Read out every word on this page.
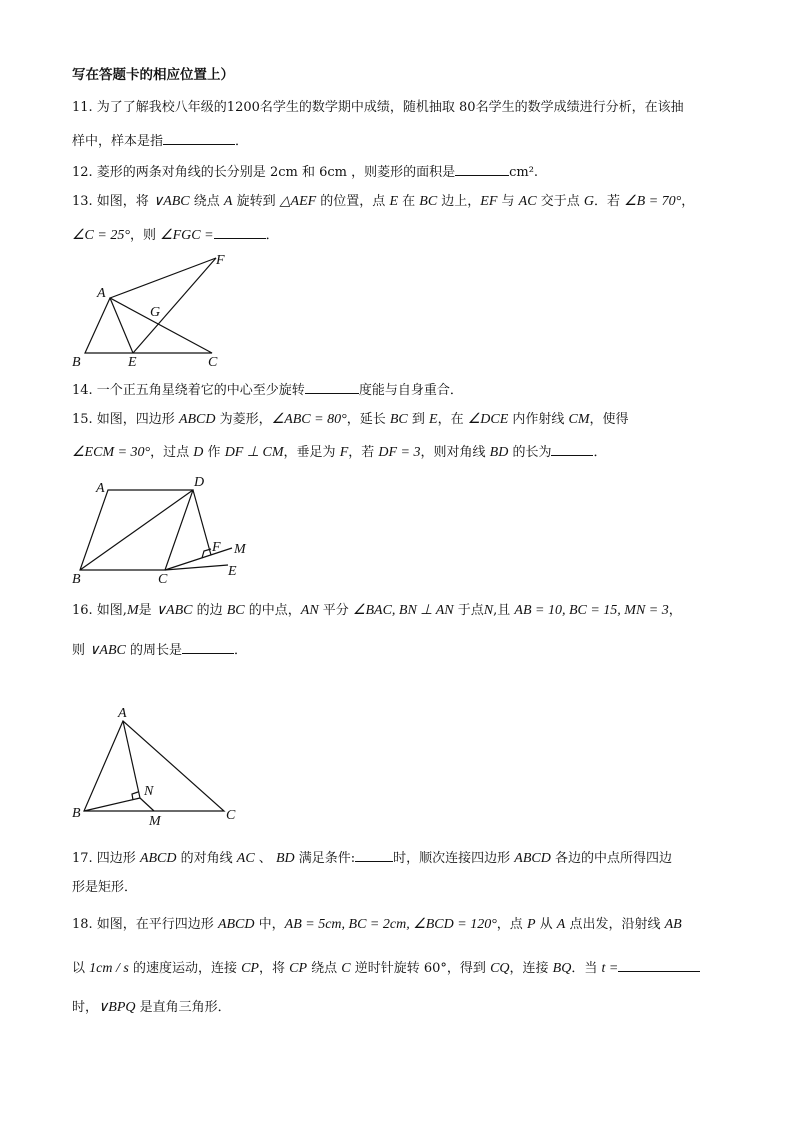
写在答题卡的相应位置上）
11. 为了了解我校八年级的1200名学生的数学期中成绩，随机抽取 80名学生的数学成绩进行分析，在该抽
样中，样本是指	．
12. 菱形的两条对角线的长分别是 2cm 和 6cm ，则菱形的面积是	cm².
13. 如图，将 ∨ABC 绕点 A 旋转到 △AEF 的位置，点 E 在 BC 边上，EF 与 AC 交于点 G．若 ∠B = 70°，
∠C = 25°，则 ∠FGC =	．
A
F
G
B	E	C
14. 一个正五角星绕着它的中心至少旋转	度能与自身重合．
15. 如图，四边形 ABCD 为菱形，∠ABC = 80°，延长 BC 到 E，在 ∠DCE 内作射线 CM，使得
∠ECM = 30°，过点 D 作 DF ⊥ CM，垂足为 F，若 DF = 3，则对角线 BD 的长为	．
A	D
F M
B	C
E
16. 如图,M是 ∨ABC 的边 BC 的中点，AN 平分 ∠BAC, BN ⊥ AN 于点N,且 AB = 10, BC = 15, MN = 3，
则 ∨ABC 的周长是	．
A
N
B
M	C
17. 四边形 ABCD 的对角线 AC 、 BD 满足条件:	时，顺次连接四边形 ABCD 各边的中点所得四边
形是矩形．
18. 如图，在平行四边形 ABCD 中，AB = 5cm, BC = 2cm, ∠BCD = 120°，点 P 从 A 点出发，沿射线 AB
以 1cm / s 的速度运动，连接 CP，将 CP 绕点 C 逆时针旋转 60°，得到 CQ，连接 BQ．当 t =
时，∨BPQ 是直角三角形．
